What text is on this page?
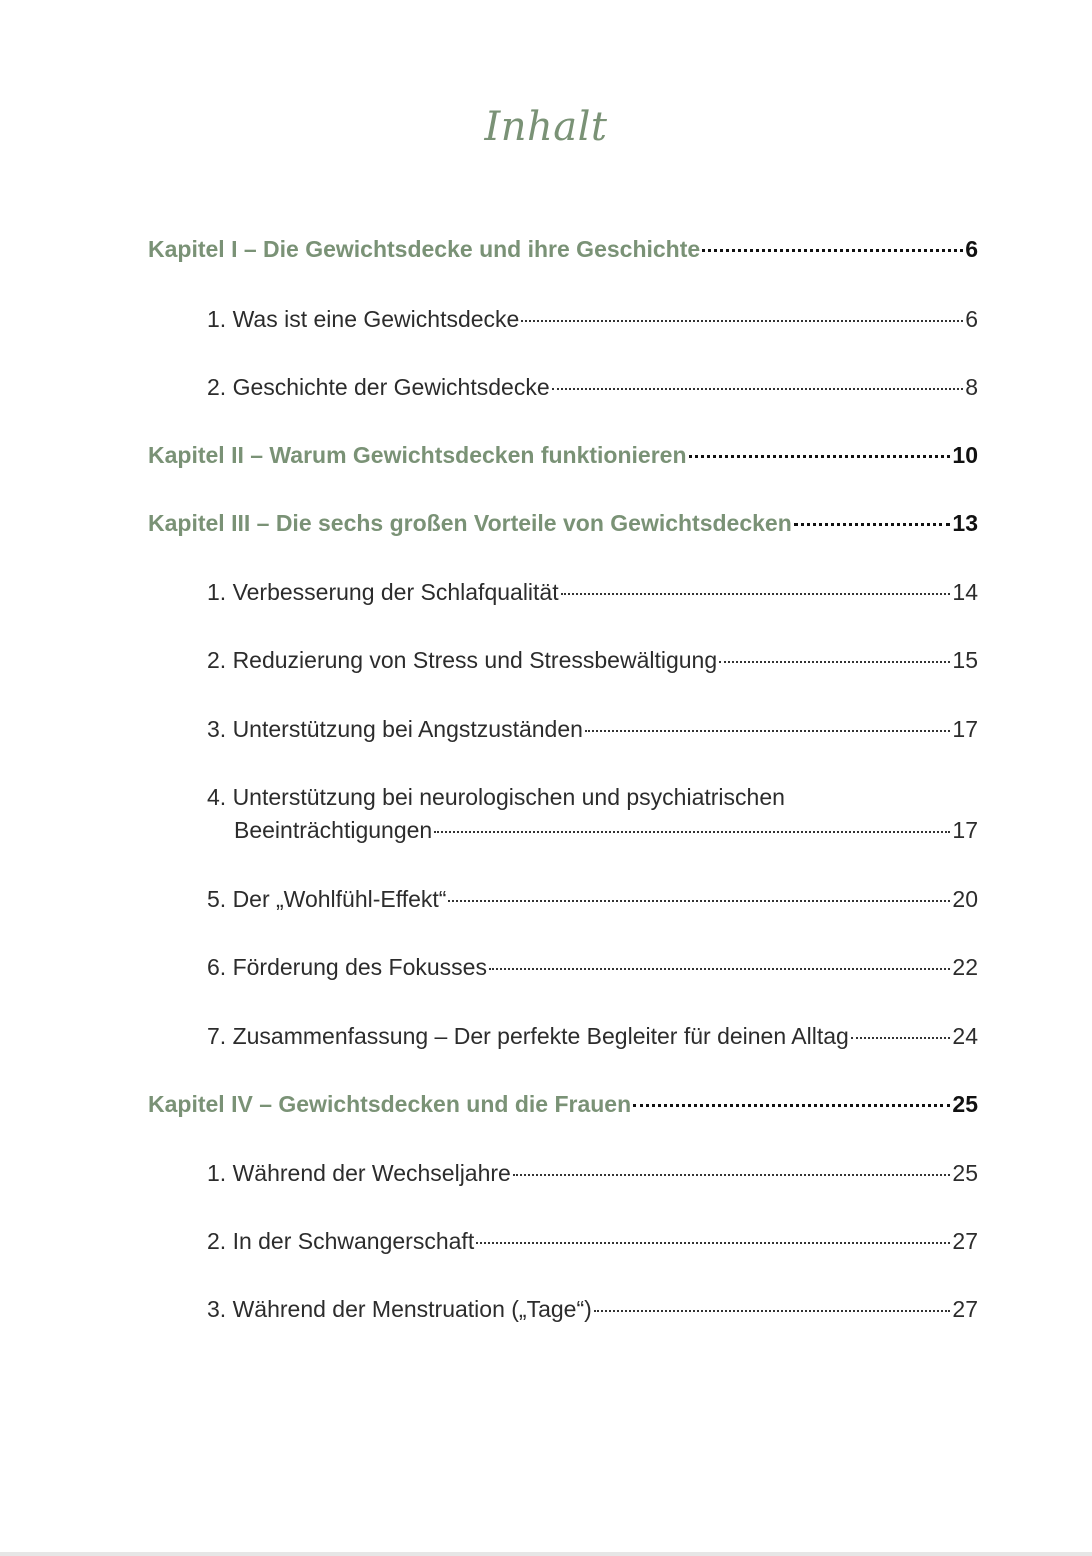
Inhalt
Kapitel I – Die Gewichtsdecke und ihre Geschichte	6
1. Was ist eine Gewichtsdecke	6
2. Geschichte der Gewichtsdecke	8
Kapitel II – Warum Gewichtsdecken funktionieren	10
Kapitel III – Die sechs großen Vorteile von Gewichtsdecken	13
1. Verbesserung der Schlafqualität	14
2. Reduzierung von Stress und Stressbewältigung	15
3. Unterstützung bei Angstzuständen	17
4. Unterstützung bei neurologischen und psychiatrischen
Beeinträchtigungen	17
5. Der „Wohlfühl-Effekt“	20
6. Förderung des Fokusses	22
7. Zusammenfassung – Der perfekte Begleiter für deinen Alltag	24
Kapitel IV – Gewichtsdecken und die Frauen	25
1. Während der Wechseljahre	25
2. In der Schwangerschaft	27
3. Während der Menstruation („Tage“)	27
